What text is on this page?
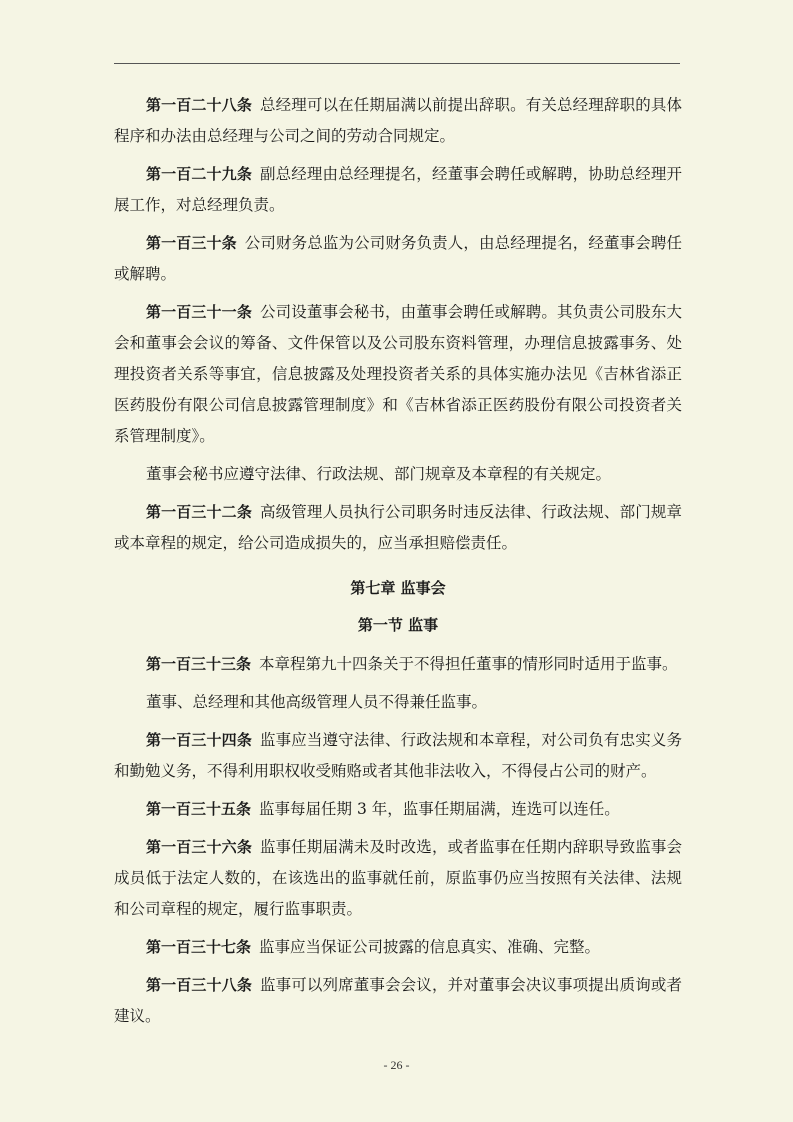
第一百二十八条 总经理可以在任期届满以前提出辞职。有关总经理辞职的具体程序和办法由总经理与公司之间的劳动合同规定。

第一百二十九条 副总经理由总经理提名，经董事会聘任或解聘，协助总经理开展工作，对总经理负责。

第一百三十条 公司财务总监为公司财务负责人，由总经理提名，经董事会聘任或解聘。

第一百三十一条 公司设董事会秘书，由董事会聘任或解聘。其负责公司股东大会和董事会会议的筹备、文件保管以及公司股东资料管理，办理信息披露事务、处理投资者关系等事宜，信息披露及处理投资者关系的具体实施办法见《吉林省添正医药股份有限公司信息披露管理制度》和《吉林省添正医药股份有限公司投资者关系管理制度》。

董事会秘书应遵守法律、行政法规、部门规章及本章程的有关规定。

第一百三十二条 高级管理人员执行公司职务时违反法律、行政法规、部门规章或本章程的规定，给公司造成损失的，应当承担赔偿责任。

第七章 监事会

第一节 监事

第一百三十三条 本章程第九十四条关于不得担任董事的情形同时适用于监事。

董事、总经理和其他高级管理人员不得兼任监事。

第一百三十四条 监事应当遵守法律、行政法规和本章程，对公司负有忠实义务和勤勉义务，不得利用职权收受贿赂或者其他非法收入，不得侵占公司的财产。

第一百三十五条 监事每届任期 3 年，监事任期届满，连选可以连任。

第一百三十六条 监事任期届满未及时改选，或者监事在任期内辞职导致监事会成员低于法定人数的，在该选出的监事就任前，原监事仍应当按照有关法律、法规和公司章程的规定，履行监事职责。

第一百三十七条 监事应当保证公司披露的信息真实、准确、完整。

第一百三十八条 监事可以列席董事会会议，并对董事会决议事项提出质询或者建议。

- 26 -
